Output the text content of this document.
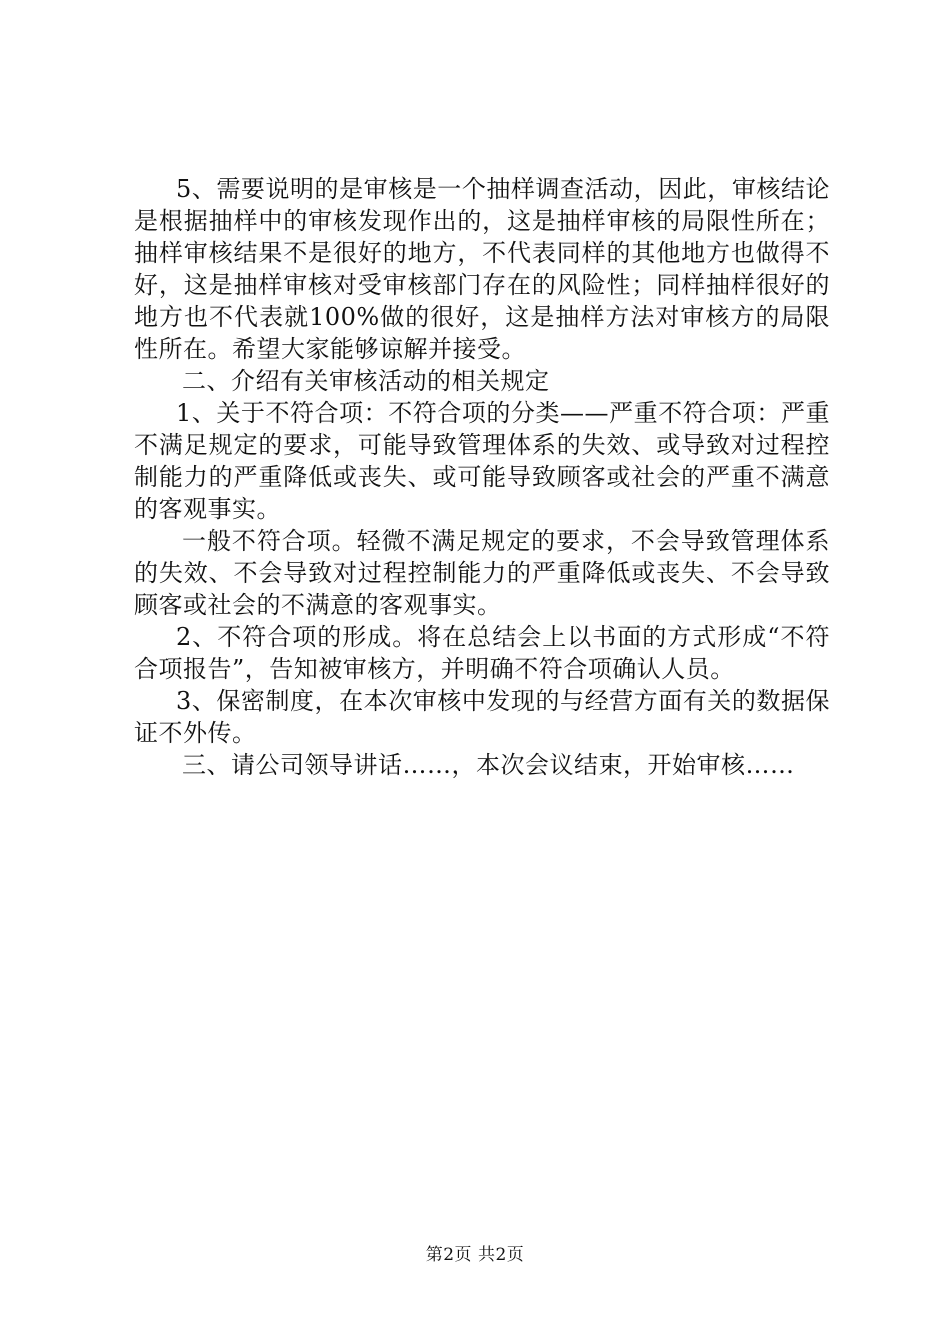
5、需要说明的是审核是一个抽样调查活动，因此，审核结论是根据抽样中的审核发现作出的，这是抽样审核的局限性所在；抽样审核结果不是很好的地方，不代表同样的其他地方也做得不好，这是抽样审核对受审核部门存在的风险性；同样抽样很好的地方也不代表就100%做的很好，这是抽样方法对审核方的局限性所在。希望大家能够谅解并接受。

二、介绍有关审核活动的相关规定

1、关于不符合项：不符合项的分类——严重不符合项：严重不满足规定的要求，可能导致管理体系的失效、或导致对过程控制能力的严重降低或丧失、或可能导致顾客或社会的严重不满意的客观事实。

一般不符合项。轻微不满足规定的要求，不会导致管理体系的失效、不会导致对过程控制能力的严重降低或丧失、不会导致顾客或社会的不满意的客观事实。

2、不符合项的形成。将在总结会上以书面的方式形成“不符合项报告”，告知被审核方，并明确不符合项确认人员。

3、保密制度，在本次审核中发现的与经营方面有关的数据保证不外传。

三、请公司领导讲话……，本次会议结束，开始审核……

第2页 共2页
